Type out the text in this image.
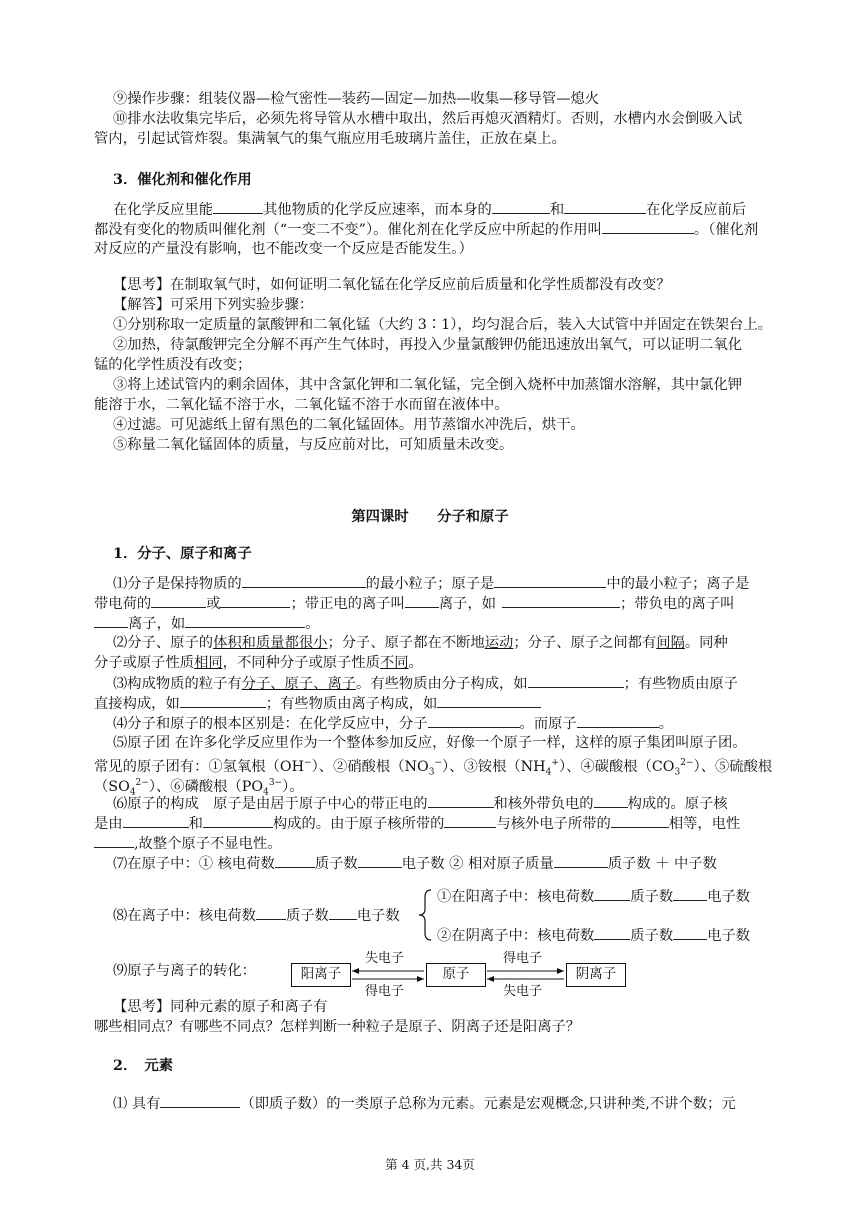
⑨操作步骤：组装仪器—检气密性—装药—固定—加热—收集—移导管—熄火
⑩排水法收集完毕后，必须先将导管从水槽中取出，然后再熄灭酒精灯。否则，水槽内水会倒吸入试
管内，引起试管炸裂。集满氧气的集气瓶应用毛玻璃片盖住，正放在桌上。
3．催化剂和催化作用
在化学反应里能	其他物质的化学反应速率，而本身的	和	在化学反应前后
都没有变化的物质叫催化剂（“一变二不变”）。催化剂在化学反应中所起的作用叫	。（催化剂
对反应的产量没有影响，也不能改变一个反应是否能发生。）
【思考】在制取氧气时，如何证明二氧化锰在化学反应前后质量和化学性质都没有改变？
【解答】可采用下列实验步骤：
①分别称取一定质量的氯酸钾和二氧化锰（大约 3∶1），均匀混合后，装入大试管中并固定在铁架台上。
②加热，待氯酸钾完全分解不再产生气体时，再投入少量氯酸钾仍能迅速放出氧气，可以证明二氧化
锰的化学性质没有改变；
③将上述试管内的剩余固体，其中含氯化钾和二氧化锰，完全倒入烧杯中加蒸馏水溶解，其中氯化钾
能溶于水，二氧化锰不溶于水，二氧化锰不溶于水而留在液体中。
④过滤。可见滤纸上留有黑色的二氧化锰固体。用节蒸馏水冲洗后，烘干。
⑤称量二氧化锰固体的质量，与反应前对比，可知质量未改变。
第四课时　　分子和原子
1．分子、原子和离子
⑴分子是保持物质的	的最小粒子；原子是	中的最小粒子；离子是
带电荷的	或	；带正电的离子叫 离子，如	；带负电的离子叫
离子，如	。
⑵分子、原子的体积和质量都很小；分子、原子都在不断地运动；分子、原子之间都有间隔。同种
分子或原子性质相同，不同种分子或原子性质不同。
⑶构成物质的粒子有分子、原子、离子。有些物质由分子构成，如	；有些物质由原子
直接构成，如	；有些物质由离子构成，如
⑷分子和原子的根本区别是：在化学反应中，分子	。而原子	。
⑸原子团 在许多化学反应里作为一个整体参加反应，好像一个原子一样，这样的原子集团叫原子团。
常见的原子团有：①氢氧根（OH−）、②硝酸根$(NO_3^-)$、③铵根$(NH_4^+)$、④碳酸根$(CO_3^{2-})$、⑤硫酸根
$(SO_4^{2-})$、⑥磷酸根$(PO_4^{3-})$。
⑹原子的构成　原子是由居于原子中心的带正电的	和核外带负电的 构成的。原子核
是由	和	构成的。由于原子核所带的	与核外电子所带的	相等，电性
,故整个原子不显电性。
⑺在原子中：① 核电荷数	质子数	电子数 ② 相对原子质量	质子数 ＋ 中子数
⑻在离子中：核电荷数 质子数 电子数
①在阳离子中：核电荷数	质子数 电子数
②在阴离子中：核电荷数	质子数 电子数
⑼原子与离子的转化：	阳离子	原子	阴离子
失电子
得电子
得电子
失电子
【思考】同种元素的原子和离子有
哪些相同点？有哪些不同点？怎样判断一种粒子是原子、阴离子还是阳离子？
2．　元素
⑴ 具有	（即质子数）的一类原子总称为元素。元素是宏观概念,只讲种类,不讲个数；元
第 4 页,共 34页
